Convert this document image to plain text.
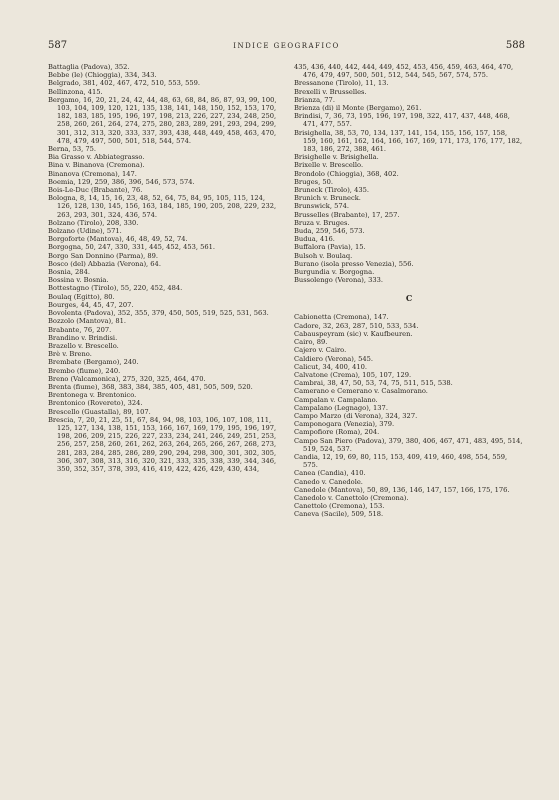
587	INDICE GEOGRAFICO	588

Battaglia (Padova), 352.

Bebbe (le) (Chioggia), 334, 343.

Belgrado, 381, 402, 467, 472, 510, 553, 559.

Bellinzona, 415.

Bergamo, 16, 20, 21, 24, 42, 44, 48, 63, 68, 84, 86, 87, 93, 99, 100, 103, 104, 109, 120, 121, 135, 138, 141, 148, 150, 152, 153, 170, 182, 183, 185, 195, 196, 197, 198, 213, 226, 227, 234, 248, 250, 258, 260, 261, 264, 274, 275, 280, 283, 289, 291, 293, 294, 299, 301, 312, 313, 320, 333, 337, 393, 438, 448, 449, 458, 463, 470, 478, 479, 497, 500, 501, 518, 544, 574.

Berna, 53, 75.

Bia Grasso v. Abbiategrasso.

Bina v. Binanova (Cremona).

Binanova (Cremona), 147.

Boemia, 129, 259, 386, 396, 546, 573, 574.

Bois-Le-Duc (Brabante), 76.

Bologna, 8, 14, 15, 16, 23, 48, 52, 64, 75, 84, 95, 105, 115, 124, 126, 128, 130, 145, 156, 163, 184, 185, 190, 205, 208, 229, 232, 263, 293, 301, 324, 436, 574.

Bolzano (Tirolo), 208, 330.

Bolzano (Udine), 571.

Borgoforte (Mantova), 46, 48, 49, 52, 74.

Borgogna, 50, 247, 330, 331, 445, 452, 453, 561.

Borgo San Donnino (Parma), 89.

Bosco (del) Abbazia (Verona), 64.

Bosnia, 284.

Bossina v. Bosnia.

Bottestagno (Tirolo), 55, 220, 452, 484.

Boulaq (Egitto), 80.

Bourges, 44, 45, 47, 207.

Bovolenta (Padova), 352, 355, 379, 450, 505, 519, 525, 531, 563.

Bozzolo (Mantova), 81.

Brabante, 76, 207.

Brandino v. Brindisi.

Brazello v. Brescello.

Brè v. Breno.

Brembate (Bergamo), 240.

Brembo (fiume), 240.

Breno (Valcamonica), 275, 320, 325, 464, 470.

Brenta (fiume), 368, 383, 384, 385, 405, 481, 505, 509, 520.

Brentonega v. Brentonico.

Brentonico (Rovereto), 324.

Brescello (Guastalla), 89, 107.

Brescia, 7, 20, 21, 25, 51, 67, 84, 94, 98, 103, 106, 107, 108, 111, 125, 127, 134, 138, 151, 153, 166, 167, 169, 179, 195, 196, 197, 198, 206, 209, 215, 226, 227, 233, 234, 241, 246, 249, 251, 253, 256, 257, 258, 260, 261, 262, 263, 264, 265, 266, 267, 268, 273, 281, 283, 284, 285, 286, 289, 290, 294, 298, 300, 301, 302, 305, 306, 307, 308, 313, 316, 320, 321, 333, 335, 338, 339, 344, 346, 350, 352, 357, 378, 393, 416, 419, 422, 426, 429, 430, 434,

435, 436, 440, 442, 444, 449, 452, 453, 456, 459, 463, 464, 470, 476, 479, 497, 500, 501, 512, 544, 545, 567, 574, 575.

Bressanone (Tirolo), 11, 13.

Brexelli v. Brusselles.

Brianza, 77.

Brienza (di) il Monte (Bergamo), 261.

Brindisi, 7, 36, 73, 195, 196, 197, 198, 322, 417, 437, 448, 468, 471, 477, 557.

Brisighella, 38, 53, 70, 134, 137, 141, 154, 155, 156, 157, 158, 159, 160, 161, 162, 164, 166, 167, 169, 171, 173, 176, 177, 182, 183, 186, 272, 388, 461.

Brisighelle v. Brisighella.

Brixelle v. Brescello.

Brondolo (Chioggia), 368, 402.

Bruges, 50.

Bruneck (Tirolo), 435.

Brunich v. Bruneck.

Brunswick, 574.

Brusselles (Brabante), 17, 257.

Bruza v. Bruges.

Buda, 259, 546, 573.

Budua, 416.

Buffalora (Pavia), 15.

Bulsoh v. Boulaq.

Burano (isola presso Venezia), 556.

Burgundia v. Borgogna.

Bussolengo (Verona), 333.

C

Cabionetta (Cremona), 147.

Cadore, 32, 263, 287, 510, 533, 534.

Cabauspeyram (sic) v. Kaufbeuren.

Cairo, 89.

Cajero v. Cairo.

Caldiero (Verona), 545.

Calicut, 34, 400, 410.

Calvatone (Crema), 105, 107, 129.

Cambrai, 38, 47, 50, 53, 74, 75, 511, 515, 538.

Camerano e Cemerano v. Casalmorano.

Campalan v. Campalano.

Campalano (Legnago), 137.

Campo Marzo (di Verona), 324, 327.

Camponogara (Venezia), 379.

Campofiore (Roma), 204.

Campo San Piero (Padova), 379, 380, 406, 467, 471, 483, 495, 514, 519, 524, 537.

Candia, 12, 19, 69, 80, 115, 153, 409, 419, 460, 498, 554, 559, 575.

Canea (Candia), 410.

Canedo v. Canedole.

Canedole (Mantova), 50, 89, 136, 146, 147, 157, 166, 175, 176.

Canedolo v. Canettolo (Cremona).

Canettolo (Cremona), 153.

Caneva (Sacile), 509, 518.
